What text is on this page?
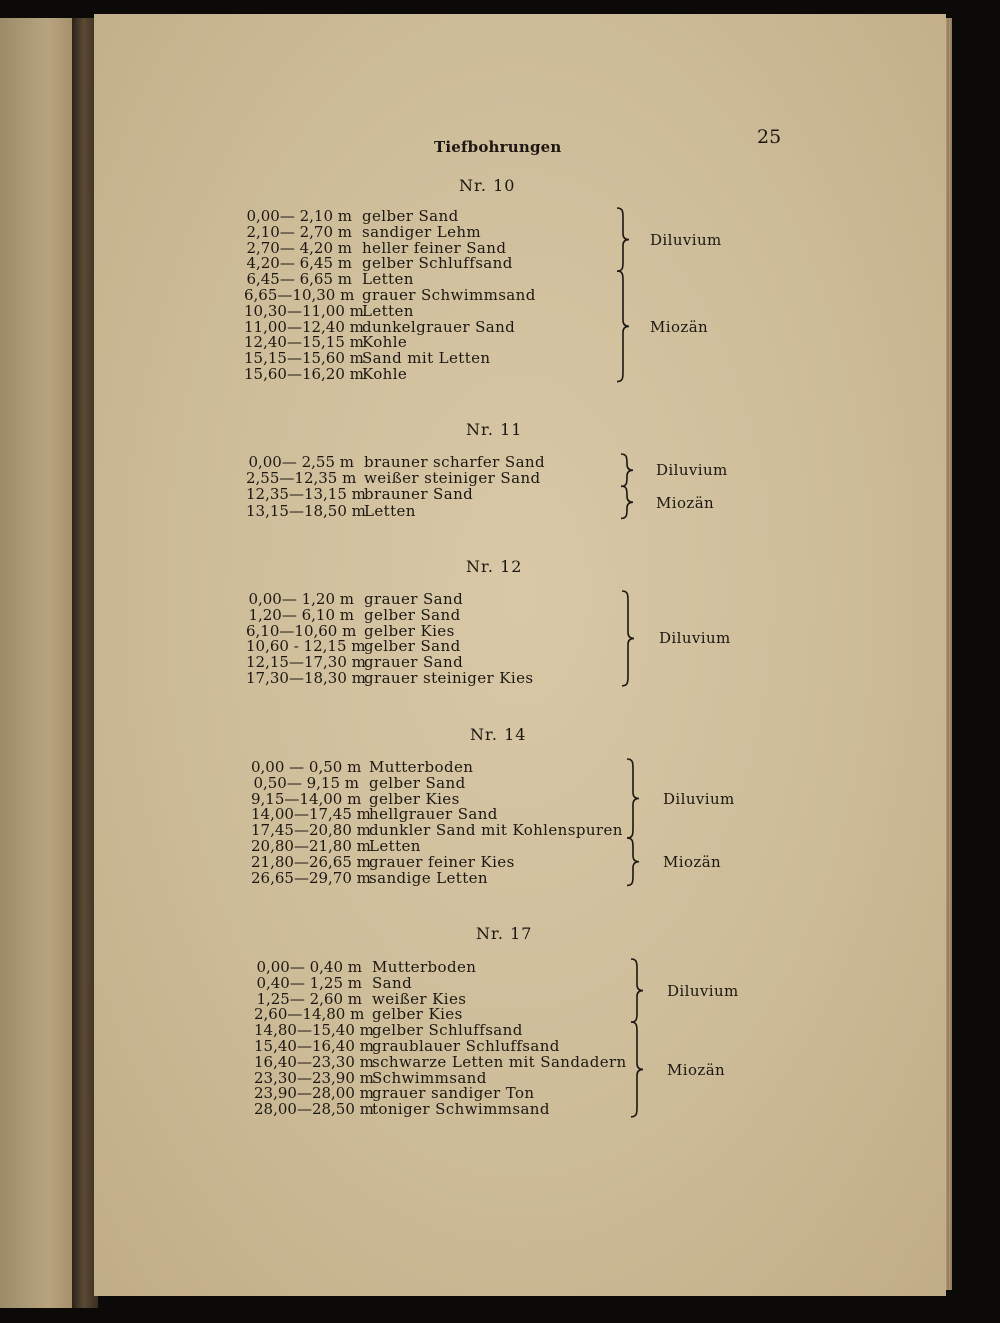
Tiefbohrungen	25
Nr. 10
0,00— 2,10 m gelber Sand
2,10— 2,70 m sandiger Lehm
2,70— 4,20 m heller feiner Sand
4,20— 6,45 m gelber Schluffsand
6,45— 6,65 m Letten
6,65—10,30 m grauer Schwimmsand
10,30—11,00 m
Letten
11,00—12,40 m
dunkelgrauer Sand
12,40—15,15 m
Kohle
15,15—15,60 m
Sand mit Letten
15,60—16,20 m
Kohle
Diluvium
Miozän
Nr. 11
0,00— 2,55 m brauner scharfer Sand
2,55—12,35 m weißer steiniger Sand
12,35—13,15 m
brauner Sand
13,15—18,50 m
Letten
Diluvium
Miozän
Nr. 12
0,00— 1,20 m grauer Sand
1,20— 6,10 m gelber Sand
6,10—10,60 m gelber Kies
10,60 - 12,15 m
gelber Sand
12,15—17,30 m
grauer Sand
17,30—18,30 m
grauer steiniger Kies
Diluvium
Nr. 14
0,00 — 0,50 m Mutterboden
0,50— 9,15 m gelber Sand
9,15—14,00 m gelber Kies
14,00—17,45 m
hellgrauer Sand
17,45—20,80 m
dunkler Sand mit Kohlenspuren
20,80—21,80 m
Letten
21,80—26,65 m
grauer feiner Kies
26,65—29,70 m
sandige Letten
Diluvium
Miozän
Nr. 17
0,00— 0,40 m Mutterboden
0,40— 1,25 m Sand
1,25— 2,60 m weißer Kies
2,60—14,80 m gelber Kies
14,80—15,40 m
gelber Schluffsand
15,40—16,40 m
graublauer Schluffsand
16,40—23,30 m
schwarze Letten mit Sandadern
23,30—23,90 m
Schwimmsand
23,90—28,00 m
grauer sandiger Ton
28,00—28,50 m
toniger Schwimmsand
Diluvium
Miozän
